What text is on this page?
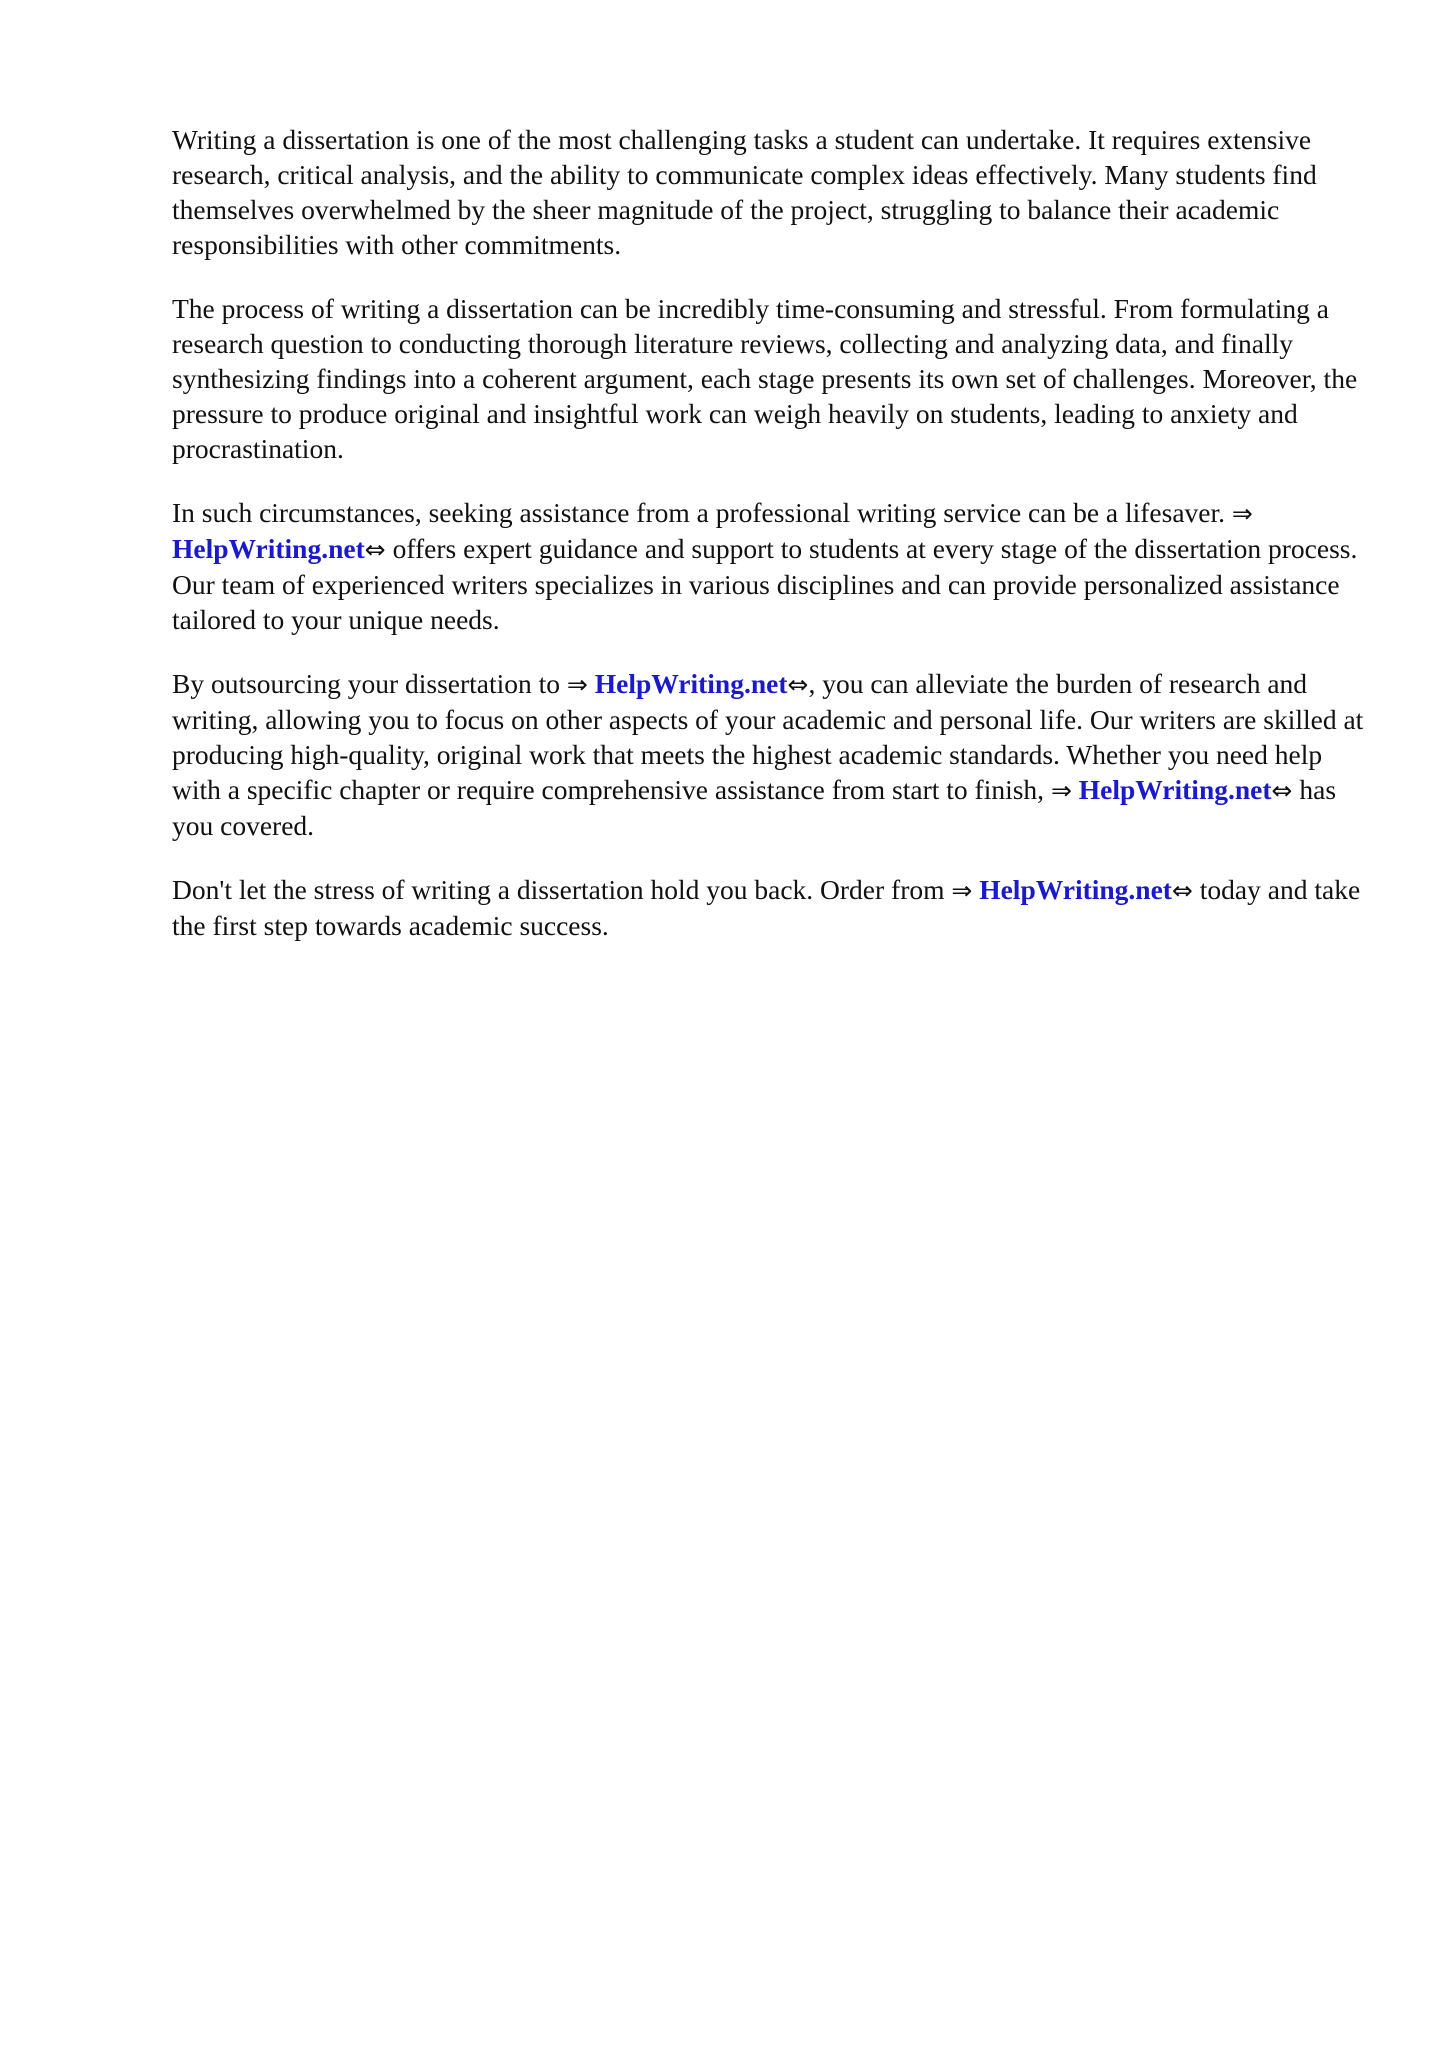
Writing a dissertation is one of the most challenging tasks a student can undertake. It requires extensive research, critical analysis, and the ability to communicate complex ideas effectively. Many students find themselves overwhelmed by the sheer magnitude of the project, struggling to balance their academic responsibilities with other commitments.

The process of writing a dissertation can be incredibly time-consuming and stressful. From formulating a research question to conducting thorough literature reviews, collecting and analyzing data, and finally synthesizing findings into a coherent argument, each stage presents its own set of challenges. Moreover, the pressure to produce original and insightful work can weigh heavily on students, leading to anxiety and procrastination.

In such circumstances, seeking assistance from a professional writing service can be a lifesaver. ⇒ HelpWriting.net⇔ offers expert guidance and support to students at every stage of the dissertation process. Our team of experienced writers specializes in various disciplines and can provide personalized assistance tailored to your unique needs.

By outsourcing your dissertation to ⇒ HelpWriting.net⇔, you can alleviate the burden of research and writing, allowing you to focus on other aspects of your academic and personal life. Our writers are skilled at producing high-quality, original work that meets the highest academic standards. Whether you need help with a specific chapter or require comprehensive assistance from start to finish, ⇒ HelpWriting.net⇔ has you covered.

Don't let the stress of writing a dissertation hold you back. Order from ⇒ HelpWriting.net⇔ today and take the first step towards academic success.
